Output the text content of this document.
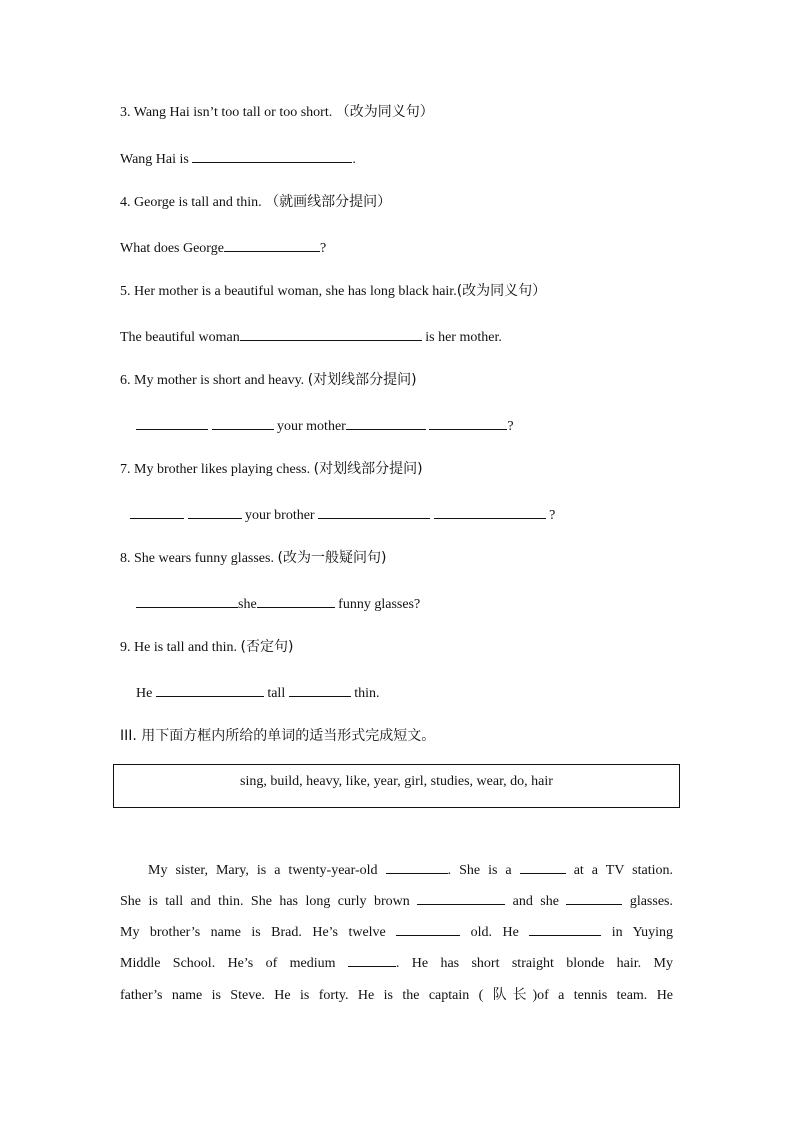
3. Wang Hai isn’t too tall or too short. （改为同义句）
Wang Hai is	.
4. George is tall and thin. （就画线部分提问）
What does George	?
5. Her mother is a beautiful woman, she has long black hair.(改为同义句）
The beautiful woman	is her mother.
6. My mother is short and heavy. (对划线部分提问)
your mother	?
7. My brother likes playing chess. (对划线部分提问)
your brother	?
8. She wears funny glasses. (改为一般疑问句)
she	funny glasses?
9. He is tall and thin. (否定句)
He	tall	thin.
III. 用下面方框内所给的单词的适当形式完成短文。
sing, build, heavy, like, year, girl, studies, wear, do, hair
My sister, Mary, is a twenty-year-old	. She is a	at a TV station.
She is tall and thin. She has long curly brown	and she	glasses.
My brother’s name is Brad. He’s twelve	old. He	in Yuying
Middle School. He’s of medium	. He has short straight blonde hair. My
father’s name is Steve. He is forty. He is the captain ( 队长)of a tennis team. He
